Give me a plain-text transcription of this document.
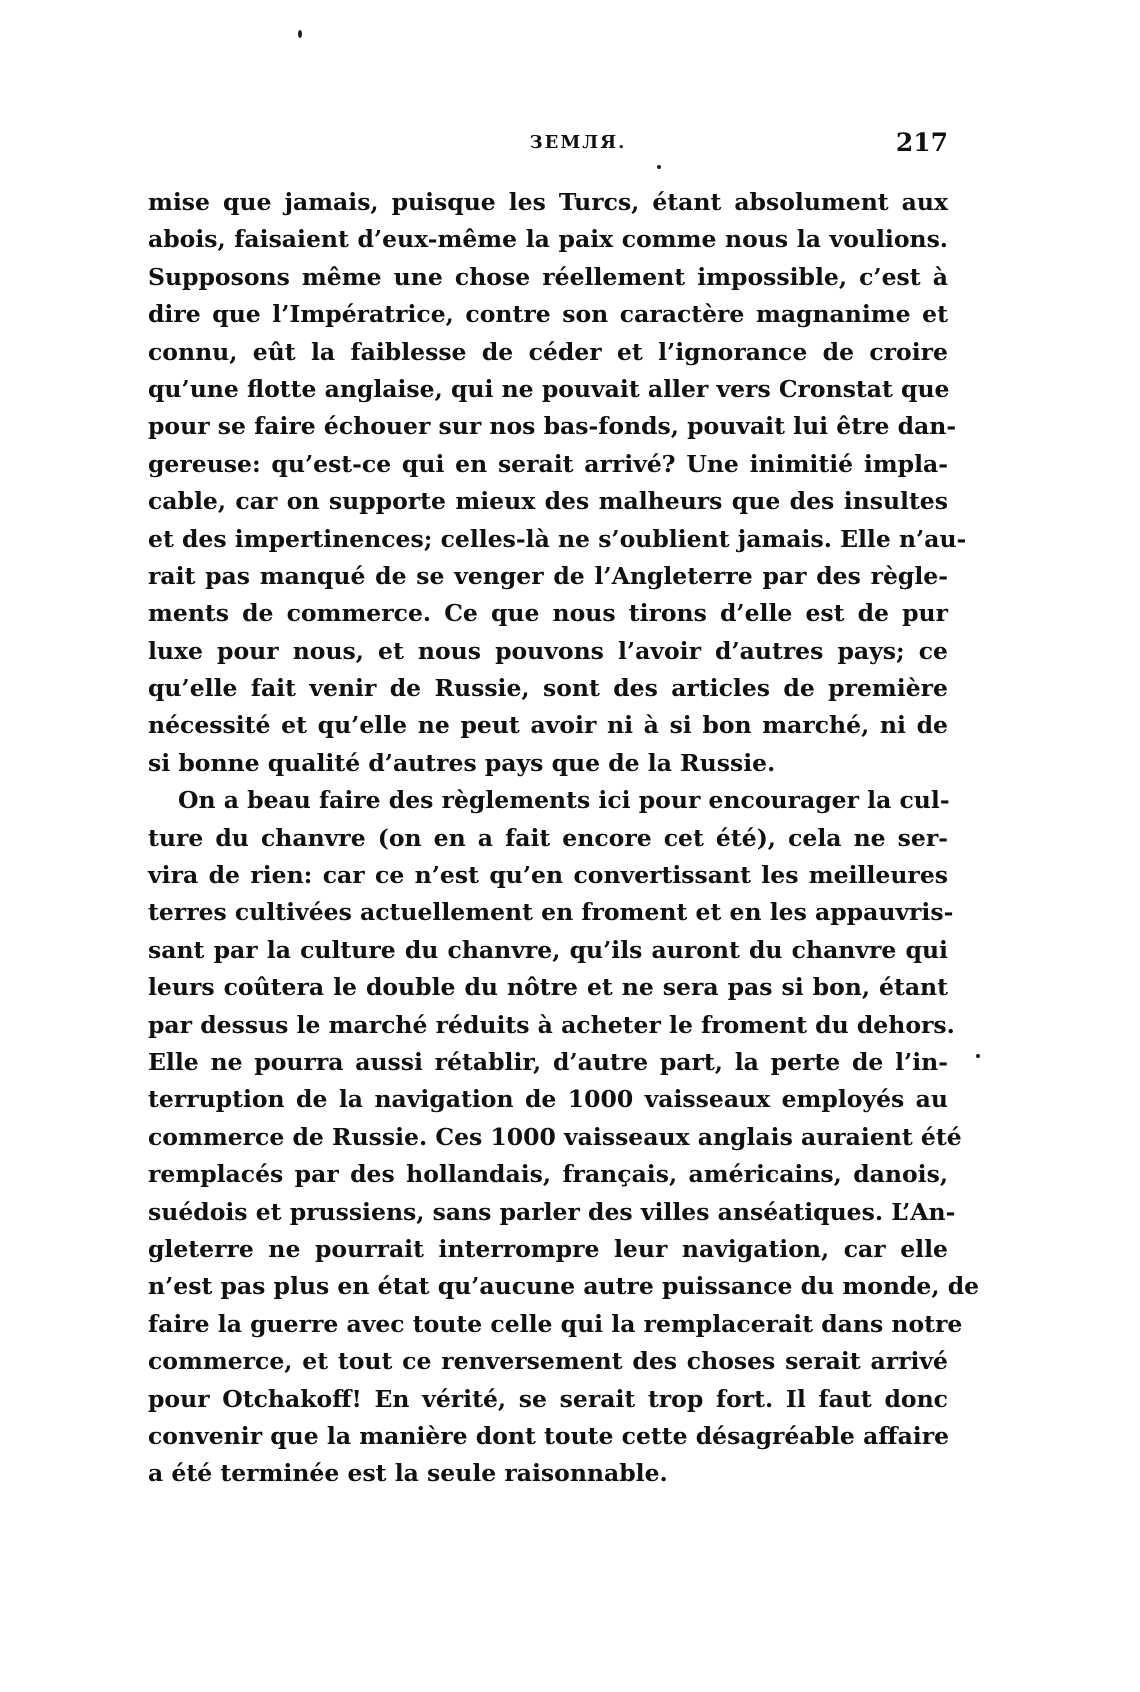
ЗЕМЛЯ.	217
mise que jamais, puisque les Turcs, étant absolument aux
abois, faisaient d’eux-même la paix comme nous la voulions.
Supposons même une chose réellement impossible, c’est à
dire que l’Impératrice, contre son caractère magnanime et
connu, eût la faiblesse de céder et l’ignorance de croire
qu’une flotte anglaise, qui ne pouvait aller vers Cronstat que
pour se faire échouer sur nos bas-fonds, pouvait lui être dan-
gereuse: qu’est-ce qui en serait arrivé? Une inimitié impla-
cable, car on supporte mieux des malheurs que des insultes
et des impertinences; celles-là ne s’oublient jamais. Elle n’au-
rait pas manqué de se venger de l’Angleterre par des règle-
ments de commerce. Ce que nous tirons d’elle est de pur
luxe pour nous, et nous pouvons l’avoir d’autres pays; ce
qu’elle fait venir de Russie, sont des articles de première
nécessité et qu’elle ne peut avoir ni à si bon marché, ni de
si bonne qualité d’autres pays que de la Russie.
On a beau faire des règlements ici pour encourager la cul-
ture du chanvre (on en a fait encore cet été), cela ne ser-
vira de rien: car ce n’est qu’en convertissant les meilleures
terres cultivées actuellement en froment et en les appauvris-
sant par la culture du chanvre, qu’ils auront du chanvre qui
leurs coûtera le double du nôtre et ne sera pas si bon, étant
par dessus le marché réduits à acheter le froment du dehors.
Elle ne pourra aussi rétablir, d’autre part, la perte de l’in-
terruption de la navigation de 1000 vaisseaux employés au
commerce de Russie. Ces 1000 vaisseaux anglais auraient été
remplacés par des hollandais, français, américains, danois,
suédois et prussiens, sans parler des villes anséatiques. L’An-
gleterre ne pourrait interrompre leur navigation, car elle
n’est pas plus en état qu’aucune autre puissance du monde, de
faire la guerre avec toute celle qui la remplacerait dans notre
commerce, et tout ce renversement des choses serait arrivé
pour Otchakoff! En vérité, se serait trop fort. Il faut donc
convenir que la manière dont toute cette désagréable affaire
a été terminée est la seule raisonnable.
